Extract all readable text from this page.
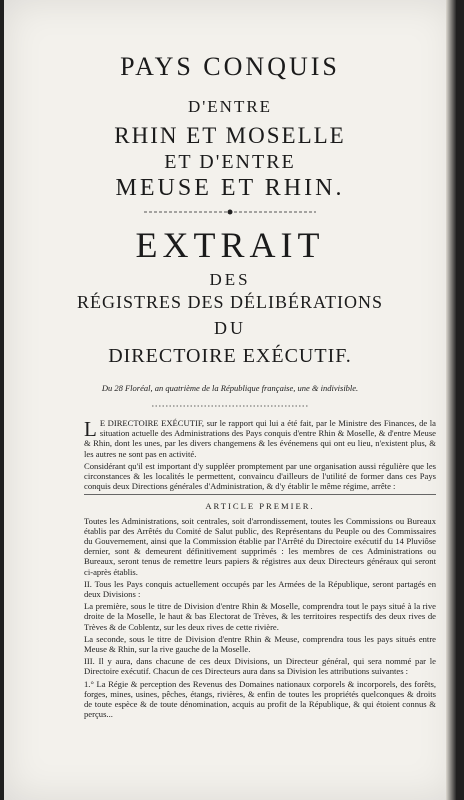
PAYS CONQUIS
D'ENTRE
RHIN ET MOSELLE
ET D'ENTRE
MEUSE ET RHIN.
EXTRAIT
DES
RÉGISTRES DES DÉLIBÉRATIONS
DU
DIRECTOIRE EXÉCUTIF.
Du 28 Floréal, an quatrième de la République française, une & indivisible.

L E DIRECTOIRE EXÉCUTIF, sur le rapport qui lui a été fait, par le Ministre des Finances, de la situation actuelle des Administrations des Pays conquis d'entre Rhin & Moselle, & d'entre Meuse & Rhin, dont les unes, par les divers changemens & les événemens qui ont eu lieu, n'existent plus, & les autres ne sont pas en activité.

Considérant qu'il est important d'y suppléer promptement par une organisation aussi régulière que les circonstances & les localités le permettent, convaincu d'ailleurs de l'utilité de former dans ces Pays conquis deux Directions générales d'Administration, & d'y établir le même régime, arrête :

ARTICLE PREMIER.

Toutes les Administrations, soit centrales, soit d'arrondissement, toutes les Commissions ou Bureaux établis par des Arrêtés du Comité de Salut public, des Représentans du Peuple ou des Commissaires du Gouvernement, ainsi que la Commission établie par l'Arrêté du Directoire exécutif du 14 Pluviôse dernier, sont & demeurent définitivement supprimés : les membres de ces Administrations ou Bureaux, seront tenus de remettre leurs papiers & régistres aux deux Directeurs généraux qui seront ci-après établis.

II. Tous les Pays conquis actuellement occupés par les Armées de la République, seront partagés en deux Divisions :

La première, sous le titre de Division d'entre Rhin & Moselle, comprendra tout le pays situé à la rive droite de la Moselle, le haut & bas Electorat de Trèves, & les territoires respectifs des deux rives de Trèves & de Coblentz, sur les deux rives de cette rivière.

La seconde, sous le titre de Division d'entre Rhin & Meuse, comprendra tous les pays situés entre Meuse & Rhin, sur la rive gauche de la Moselle.

III. Il y aura, dans chacune de ces deux Divisions, un Directeur général, qui sera nommé par le Directoire exécutif. Chacun de ces Directeurs aura dans sa Division les attributions suivantes :

1.° La Régie & perception des Revenus des Domaines nationaux corporels & incorporels, des forêts, forges, mines, usines, pêches, étangs, rivières, & enfin de toutes les propriétés quelconques & droits de toute espèce & de toute dénomination, acquis au profit de la République, & qui étoient connus & perçus...
